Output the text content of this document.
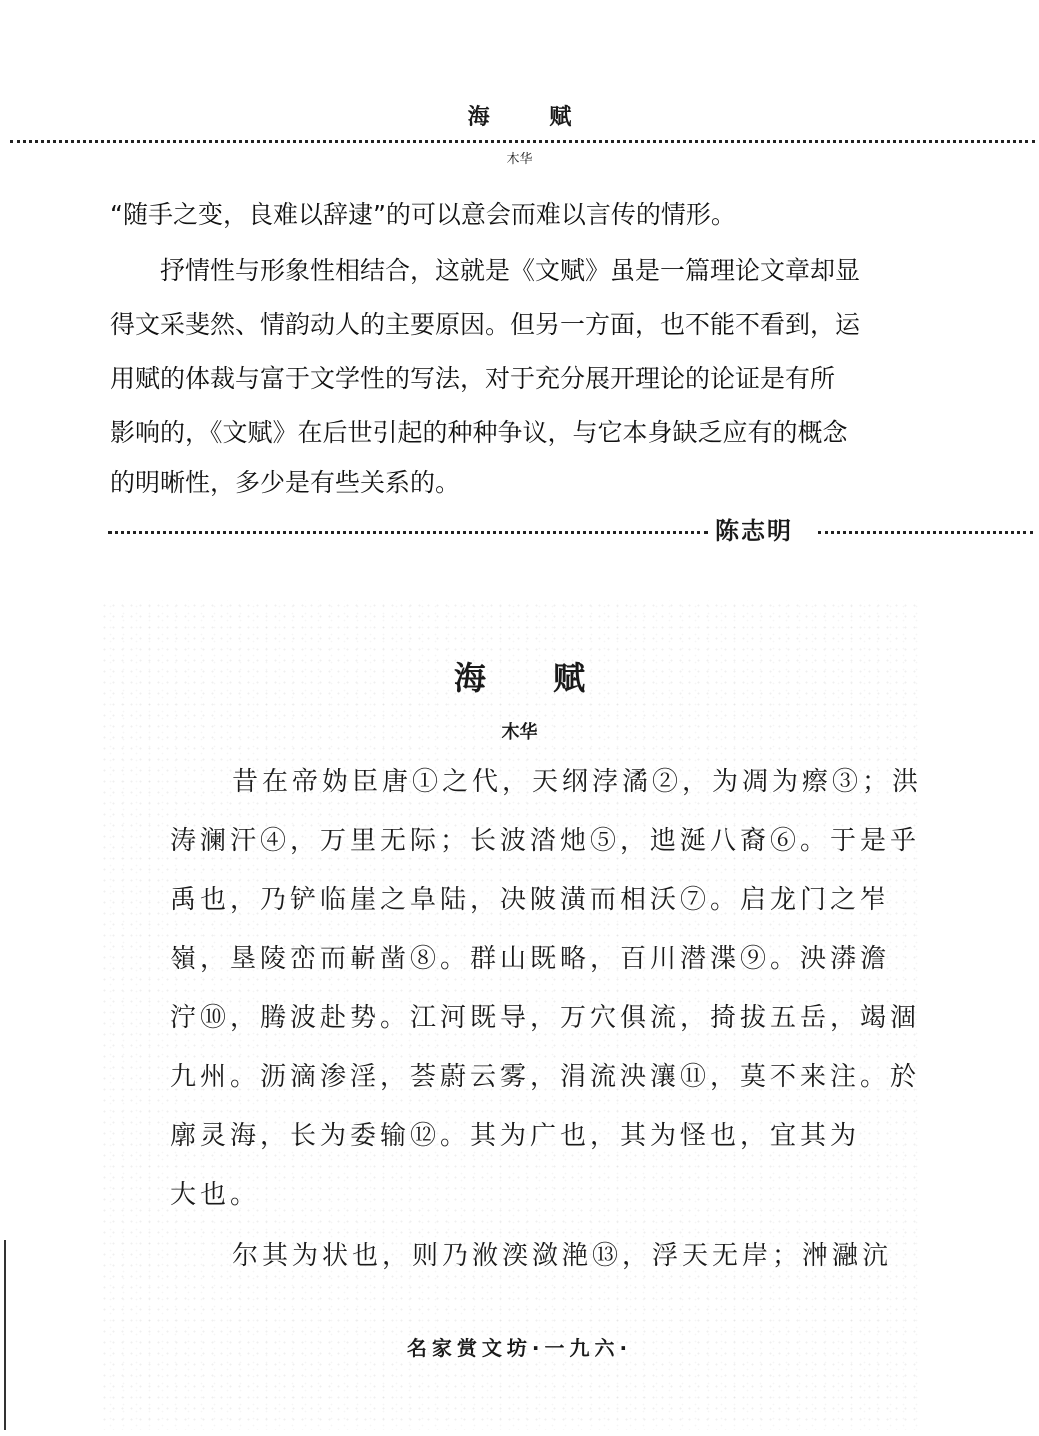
海 赋
木华
“随手之变，良难以辞逮”的可以意会而难以言传的情形。
抒情性与形象性相结合，这就是《文赋》虽是一篇理论文章却显
得文采斐然、情韵动人的主要原因。但另一方面，也不能不看到，运
用赋的体裁与富于文学性的写法，对于充分展开理论的论证是有所
影响的，《文赋》在后世引起的种种争议，与它本身缺乏应有的概念
的明晰性，多少是有些关系的。
陈志明
海 赋
木华
昔在帝妫臣唐①之代，天纲浡潏②，为凋为瘵③；洪
涛澜汗④，万里无际；长波涾灺⑤，迆涎八裔⑥。于是乎
禹也，乃铲临崖之阜陆，决陂潢而相沃⑦。启龙门之岝
嶺，垦陵峦而嶄凿⑧。群山既略，百川潜渫⑨。泱漭澹
泞⑩，腾波赴势。江河既导，万穴俱流，掎拔五岳，竭涸
九州。沥滴渗淫，荟蔚云雾，涓流泱瀼⑪，莫不来注。於
廓灵海，长为委输⑫。其为广也，其为怪也，宜其为
大也。
尔其为状也，则乃浟湙潋滟⑬，浮天无岸；浺瀜沆
名家赏文坊·一九六·
